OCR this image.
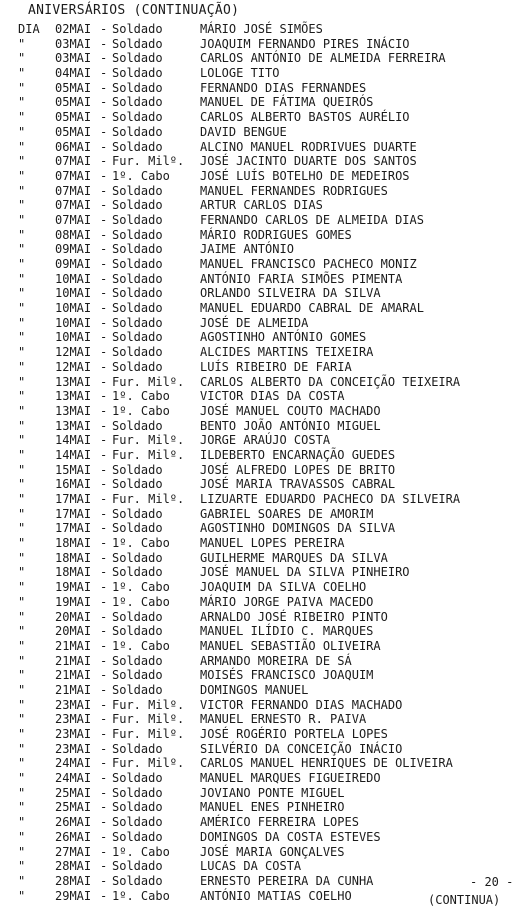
ANIVERSÁRIOS (CONTINUAÇÃO)
DIA	02MAI - Soldado	MÁRIO JOSÉ SIMÕES
"	03MAI - Soldado	JOAQUIM FERNANDO PIRES INÁCIO
"	03MAI - Soldado	CARLOS ANTÓNIO DE ALMEIDA FERREIRA
"	04MAI - Soldado	LOLOGE TITO
"	05MAI - Soldado	FERNANDO DIAS FERNANDES
"	05MAI - Soldado	MANUEL DE FÁTIMA QUEIRÓS
"	05MAI - Soldado	CARLOS ALBERTO BASTOS AURÉLIO
"	05MAI - Soldado	DAVID BENGUE
"	06MAI - Soldado	ALCINO MANUEL RODRIVUES DUARTE
"	07MAI - Fur. Milº. JOSÉ JACINTO DUARTE DOS SANTOS
"	07MAI - 1º. Cabo	JOSÉ LUÍS BOTELHO DE MEDEIROS
"	07MAI - Soldado	MANUEL FERNANDES RODRIGUES
"	07MAI - Soldado	ARTUR CARLOS DIAS
"	07MAI - Soldado	FERNANDO CARLOS DE ALMEIDA DIAS
"	08MAI - Soldado	MÁRIO RODRIGUES GOMES
"	09MAI - Soldado	JAIME ANTÓNIO
"	09MAI - Soldado	MANUEL FRANCISCO PACHECO MONIZ
"	10MAI - Soldado	ANTÓNIO FARIA SIMÕES PIMENTA
"	10MAI - Soldado	ORLANDO SILVEIRA DA SILVA
"	10MAI - Soldado	MANUEL EDUARDO CABRAL DE AMARAL
"	10MAI - Soldado	JOSÉ DE ALMEIDA
"	10MAI - Soldado	AGOSTINHO ANTÓNIO GOMES
"	12MAI - Soldado	ALCIDES MARTINS TEIXEIRA
"	12MAI - Soldado	LUÍS RIBEIRO DE FARIA
"	13MAI - Fur. Milº. CARLOS ALBERTO DA CONCEIÇÃO TEIXEIRA
"	13MAI - 1º. Cabo	VICTOR DIAS DA COSTA
"	13MAI - 1º. Cabo	JOSÉ MANUEL COUTO MACHADO
"	13MAI - Soldado	BENTO JOÃO ANTÓNIO MIGUEL
"	14MAI - Fur. Milº. JORGE ARAÚJO COSTA
"	14MAI - Fur. Milº. ILDEBERTO ENCARNAÇÃO GUEDES
"	15MAI - Soldado	JOSÉ ALFREDO LOPES DE BRITO
"	16MAI - Soldado	JOSÉ MARIA TRAVASSOS CABRAL
"	17MAI - Fur. Milº. LIZUARTE EDUARDO PACHECO DA SILVEIRA
"	17MAI - Soldado	GABRIEL SOARES DE AMORIM
"	17MAI - Soldado	AGOSTINHO DOMINGOS DA SILVA
"	18MAI - 1º. Cabo	MANUEL LOPES PEREIRA
"	18MAI - Soldado	GUILHERME MARQUES DA SILVA
"	18MAI - Soldado	JOSÉ MANUEL DA SILVA PINHEIRO
"	19MAI - 1º. Cabo	JOAQUIM DA SILVA COELHO
"	19MAI - 1º. Cabo	MÁRIO JORGE PAIVA MACEDO
"	20MAI - Soldado	ARNALDO JOSÉ RIBEIRO PINTO
"	20MAI - Soldado	MANUEL ILÍDIO C. MARQUES
"	21MAI - 1º. Cabo	MANUEL SEBASTIÃO OLIVEIRA
"	21MAI - Soldado	ARMANDO MOREIRA DE SÁ
"	21MAI - Soldado	MOISÉS FRANCISCO JOAQUIM
"	21MAI - Soldado	DOMINGOS MANUEL
"	23MAI - Fur. Milº. VICTOR FERNANDO DIAS MACHADO
"	23MAI - Fur. Milº. MANUEL ERNESTO R. PAIVA
"	23MAI - Fur. Milº. JOSÉ ROGÉRIO PORTELA LOPES
"	23MAI - Soldado	SILVÉRIO DA CONCEIÇÃO INÁCIO
"	24MAI - Fur. Milº. CARLOS MANUEL HENRIQUES DE OLIVEIRA
"	24MAI - Soldado	MANUEL MARQUES FIGUEIREDO
"	25MAI - Soldado	JOVIANO PONTE MIGUEL
"	25MAI - Soldado	MANUEL ENES PINHEIRO
"	26MAI - Soldado	AMÉRICO FERREIRA LOPES
"	26MAI - Soldado	DOMINGOS DA COSTA ESTEVES
"	27MAI - 1º. Cabo	JOSÉ MARIA GONÇALVES
"	28MAI - Soldado	LUCAS DA COSTA
"	28MAI - Soldado	ERNESTO PEREIRA DA CUNHA
"	29MAI - 1º. Cabo	ANTÓNIO MATIAS COELHO
- 20 -
(CONTINUA)
